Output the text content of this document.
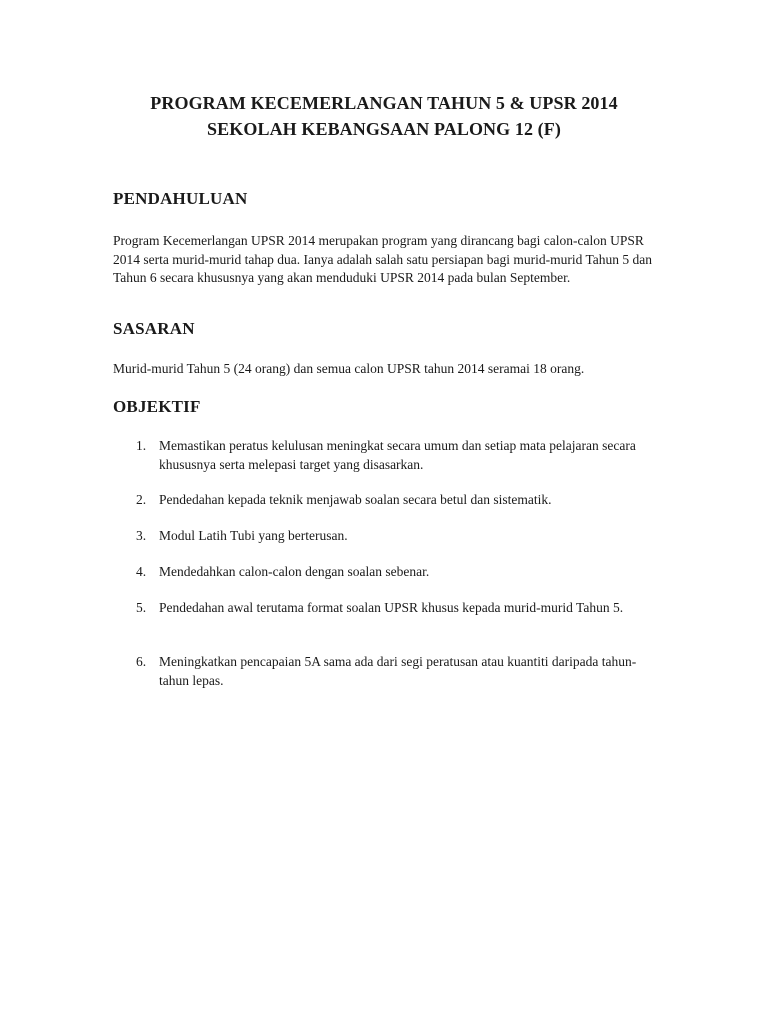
PROGRAM KECEMERLANGAN TAHUN 5 & UPSR 2014
SEKOLAH KEBANGSAAN PALONG 12 (F)
PENDAHULUAN

Program Kecemerlangan UPSR 2014 merupakan program yang dirancang bagi calon-calon UPSR 2014 serta murid-murid tahap dua. Ianya adalah salah satu persiapan bagi murid-murid Tahun 5 dan Tahun 6 secara khususnya yang akan menduduki UPSR 2014 pada bulan September.

SASARAN

Murid-murid Tahun 5 (24 orang) dan semua calon UPSR tahun 2014 seramai 18 orang.

OBJEKTIF
1. Memastikan peratus kelulusan meningkat secara umum dan setiap mata pelajaran secara khususnya serta melepasi target yang disasarkan.
2. Pendedahan kepada teknik menjawab soalan secara betul dan sistematik.
3. Modul Latih Tubi yang berterusan.
4. Mendedahkan calon-calon dengan soalan sebenar.
5. Pendedahan awal terutama format soalan UPSR khusus kepada murid-murid Tahun 5.
6. Meningkatkan pencapaian 5A sama ada dari segi peratusan atau kuantiti daripada tahun-tahun lepas.
